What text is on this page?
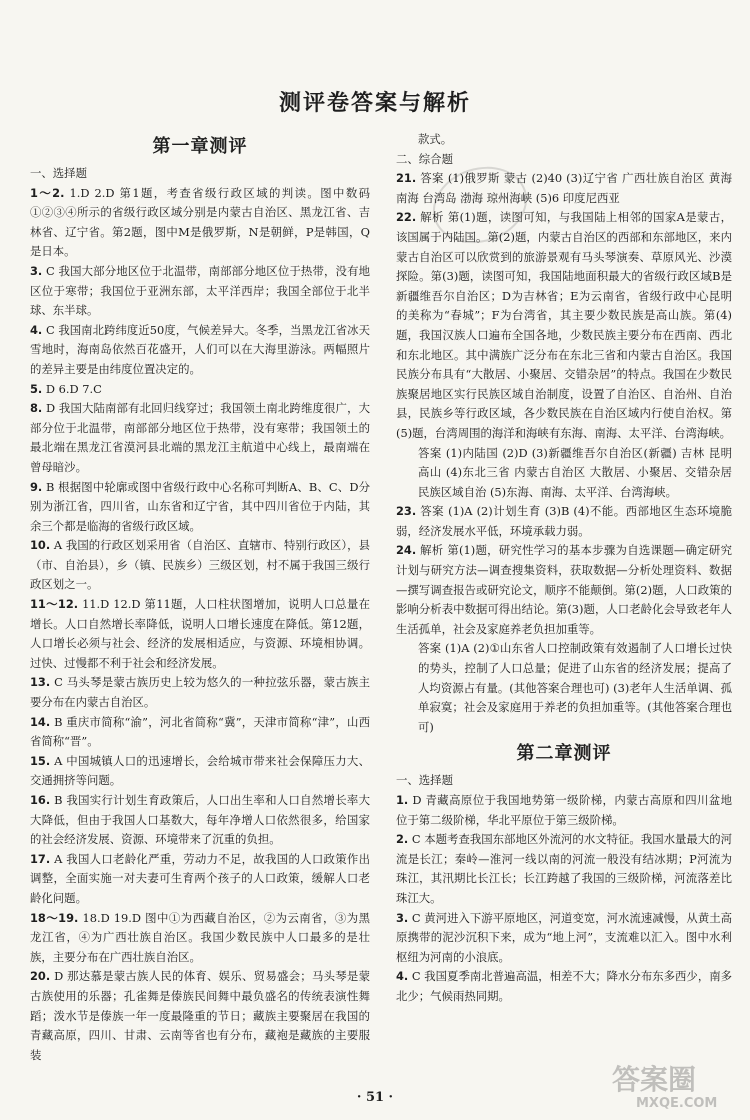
测评卷答案与解析
第一章测评
一、选择题

1～2. 1.D 2.D 第1题，考查省级行政区域的判读。图中数码①②③④所示的省级行政区域分别是内蒙古自治区、黑龙江省、吉林省、辽宁省。第2题，图中M是俄罗斯，N是朝鲜，P是韩国，Q是日本。

3. C 我国大部分地区位于北温带，南部部分地区位于热带，没有地区位于寒带；我国位于亚洲东部，太平洋西岸；我国全部位于北半球、东半球。

4. C 我国南北跨纬度近50度，气候差异大。冬季，当黑龙江省冰天雪地时，海南岛依然百花盛开，人们可以在大海里游泳。两幅照片的差异主要是由纬度位置决定的。

5. D 6.D 7.C

8. D 我国大陆南部有北回归线穿过；我国领土南北跨维度很广，大部分位于北温带，南部部分地区位于热带，没有寒带；我国领土的最北端在黑龙江省漠河县北端的黑龙江主航道中心线上，最南端在曾母暗沙。

9. B 根据图中轮廓或图中省级行政中心名称可判断A、B、C、D分别为浙江省，四川省，山东省和辽宁省，其中四川省位于内陆，其余三个都是临海的省级行政区域。

10. A 我国的行政区划采用省（自治区、直辖市、特别行政区），县（市、自治县），乡（镇、民族乡）三级区划，村不属于我国三级行政区划之一。

11～12. 11.D 12.D 第11题，人口柱状图增加，说明人口总量在增长。人口自然增长率降低，说明人口增长速度在降低。第12题，人口增长必须与社会、经济的发展相适应，与资源、环境相协调。过快、过慢都不利于社会和经济发展。

13. C 马头琴是蒙古族历史上较为悠久的一种拉弦乐器，蒙古族主要分布在内蒙古自治区。

14. B 重庆市简称“渝”，河北省简称“冀”，天津市简称“津”，山西省简称“晋”。

15. A 中国城镇人口的迅速增长，会给城市带来社会保障压力大、交通拥挤等问题。

16. B 我国实行计划生育政策后，人口出生率和人口自然增长率大大降低，但由于我国人口基数大，每年净增人口依然很多，给国家的社会经济发展、资源、环境带来了沉重的负担。

17. A 我国人口老龄化严重，劳动力不足，故我国的人口政策作出调整，全面实施一对夫妻可生育两个孩子的人口政策，缓解人口老龄化问题。

18～19. 18.D 19.D 图中①为西藏自治区，②为云南省，③为黑龙江省，④为广西壮族自治区。我国少数民族中人口最多的是壮族，主要分布在广西壮族自治区。

20. D 那达慕是蒙古族人民的体育、娱乐、贸易盛会；马头琴是蒙古族使用的乐器；孔雀舞是傣族民间舞中最负盛名的传统表演性舞蹈；泼水节是傣族一年一度最隆重的节日；藏族主要聚居在我国的青藏高原，四川、甘肃、云南等省也有分布，藏袍是藏族的主要服装

款式。

二、综合题

21. 答案 (1)俄罗斯 蒙古 (2)40 (3)辽宁省 广西壮族自治区 黄海 南海 台湾岛 渤海 琼州海峡 (5)6 印度尼西亚

22. 解析 第(1)题，读图可知，与我国陆上相邻的国家A是蒙古，该国属于内陆国。第(2)题，内蒙古自治区的西部和东部地区，来内蒙古自治区可以欣赏到的旅游景观有马头琴演奏、草原风光、沙漠探险。第(3)题，读图可知，我国陆地面积最大的省级行政区域B是新疆维吾尔自治区；D为吉林省；E为云南省，省级行政中心昆明的美称为“春城”；F为台湾省，其主要少数民族是高山族。第(4)题，我国汉族人口遍布全国各地，少数民族主要分布在西南、西北和东北地区。其中满族广泛分布在东北三省和内蒙古自治区。我国民族分布具有“大散居、小聚居、交错杂居”的特点。我国在少数民族聚居地区实行民族区域自治制度，设置了自治区、自治州、自治县，民族乡等行政区域，各少数民族在自治区域内行使自治权。第(5)题，台湾周围的海洋和海峡有东海、南海、太平洋、台湾海峡。

答案 (1)内陆国 (2)D (3)新疆维吾尔自治区(新疆) 吉林 昆明 高山 (4)东北三省 内蒙古自治区 大散居、小聚居、交错杂居 民族区域自治 (5)东海、南海、太平洋、台湾海峡。

23. 答案 (1)A (2)计划生育 (3)B (4)不能。西部地区生态环境脆弱，经济发展水平低，环境承载力弱。

24. 解析 第(1)题，研究性学习的基本步骤为自选课题—确定研究计划与研究方法—调查搜集资料，获取数据—分析处理资料、数据—撰写调查报告或研究论文，顺序不能颠倒。第(2)题，人口政策的影响分析表中数据可得出结论。第(3)题，人口老龄化会导致老年人生活孤单，社会及家庭养老负担加重等。

答案 (1)A (2)①山东省人口控制政策有效遏制了人口增长过快的势头，控制了人口总量；促进了山东省的经济发展；提高了人均资源占有量。(其他答案合理也可) (3)老年人生活单调、孤单寂寞；社会及家庭用于养老的负担加重等。(其他答案合理也可)

第二章测评
一、选择题

1. D 青藏高原位于我国地势第一级阶梯，内蒙古高原和四川盆地位于第二级阶梯，华北平原位于第三级阶梯。

2. C 本题考查我国东部地区外流河的水文特征。我国水量最大的河流是长江；秦岭—淮河一线以南的河流一般没有结冰期；P河流为珠江，其汛期比长江长；长江跨越了我国的三级阶梯，河流落差比珠江大。

3. C 黄河进入下游平原地区，河道变宽，河水流速减慢，从黄土高原携带的泥沙沉积下来，成为“地上河”，支流难以汇入。图中水利枢纽为河南的小浪底。

4. C 我国夏季南北普遍高温，相差不大；降水分布东多西少，南多北少；气候雨热同期。

· 51 ·
答案圈
MXQE.COM
